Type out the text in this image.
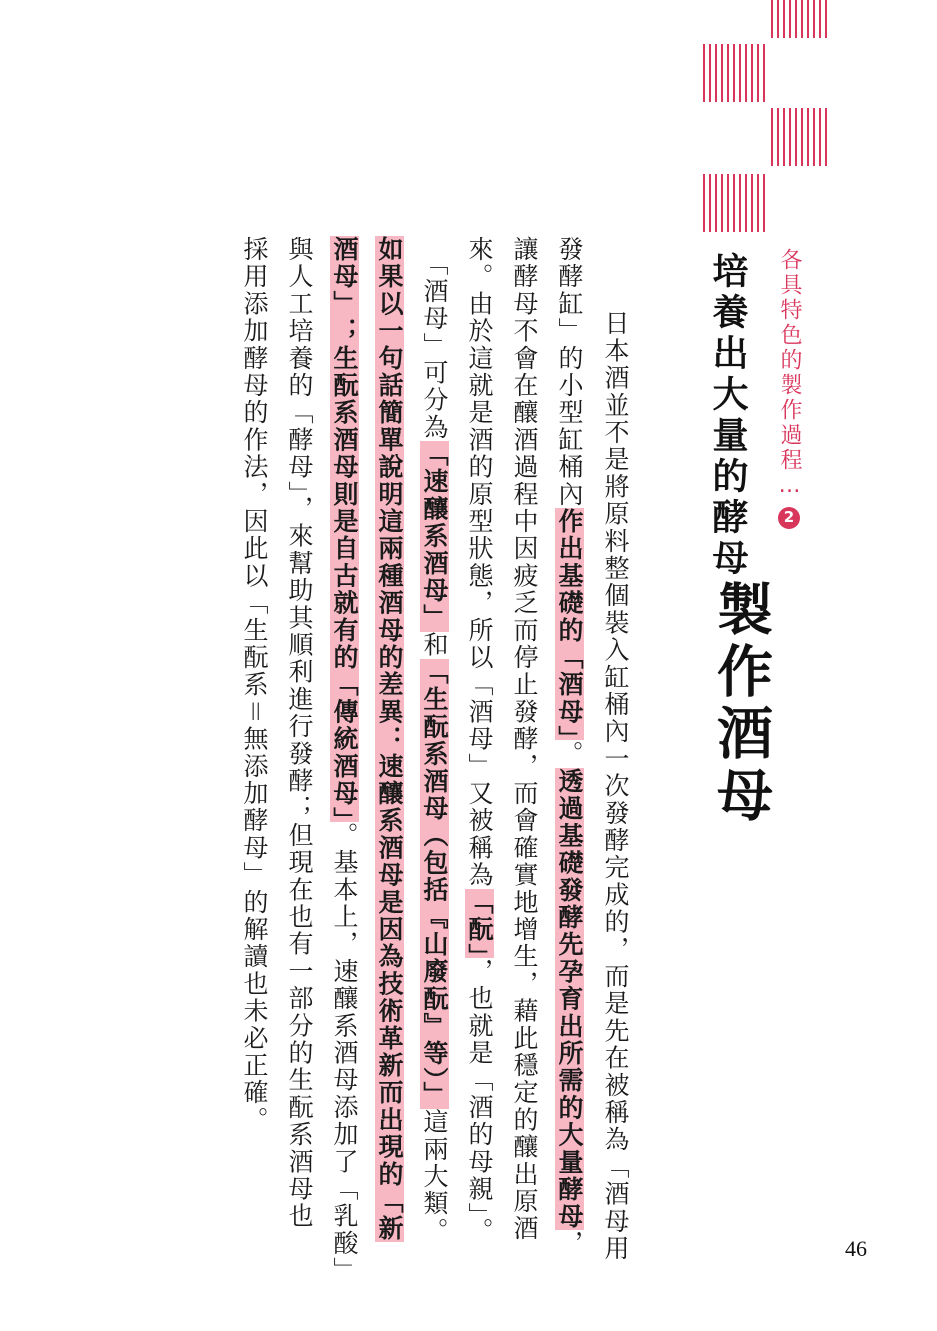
各具特色的製作過程…2
培養出大量的酵母
製作酒母
　日本酒並不是將原料整個裝入缸桶內一次發酵完成的，而是先在被稱為「酒母用
發酵缸」的小型缸桶內作出基礎的「酒母」。透過基礎發酵先孕育出所需的大量酵母，
讓酵母不會在釀酒過程中因疲乏而停止發酵，而會確實地增生，藉此穩定的釀出原酒
來。由於這就是酒的原型狀態，所以「酒母」又被稱為「酛」，也就是「酒的母親」。
　「酒母」可分為「速釀系酒母」和「生酛系酒母（包括『山廢酛』等）」這兩大類。
如果以一句話簡單說明這兩種酒母的差異：速釀系酒母是因為技術革新而出現的「新
酒母」；生酛系酒母則是自古就有的「傳統酒母」。基本上，速釀系酒母添加了「乳酸」
與人工培養的「酵母」，來幫助其順利進行發酵；但現在也有一部分的生酛系酒母也
採用添加酵母的作法，因此以「生酛系＝無添加酵母」的解讀也未必正確。
46
